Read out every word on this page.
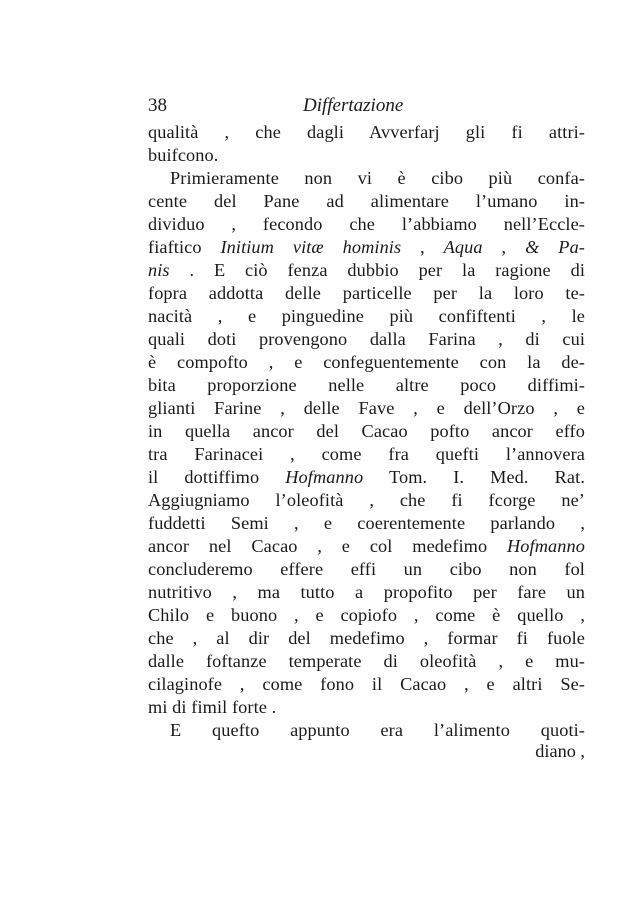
38	Differtazione
qualità , che dagli Avverfarj gli fi attri-
buifcono.
Primieramente non vi è cibo più confa-
cente del Pane ad alimentare l’umano in-
dividuo , fecondo che l’abbiamo nell’Eccle-
fiaftico Initium vitæ hominis , Aqua , & Pa-
nis . E ciò fenza dubbio per la ragione di
fopra addotta delle particelle per la loro te-
nacità , e pinguedine più confiftenti , le
quali doti provengono dalla Farina , di cui
è compofto , e confeguentemente con la de-
bita proporzione nelle altre poco diffimi-
glianti Farine , delle Fave , e dell’Orzo , e
in quella ancor del Cacao pofto ancor effo
tra Farinacei , come fra quefti l’annovera
il dottiffimo Hofmanno Tom. I. Med. Rat.
Aggiugniamo l’oleofità , che fi fcorge ne’
fuddetti Semi , e coerentemente parlando ,
ancor nel Cacao , e col medefimo Hofmanno
concluderemo effere effi un cibo non fol
nutritivo , ma tutto a propofito per fare un
Chilo e buono , e copiofo , come è quello ,
che , al dir del medefimo , formar fi fuole
dalle foftanze temperate di oleofità , e mu-
cilaginofe , come fono il Cacao , e altri Se-
mi di fimil forte .
E quefto appunto era l’alimento quoti-
diano ,
